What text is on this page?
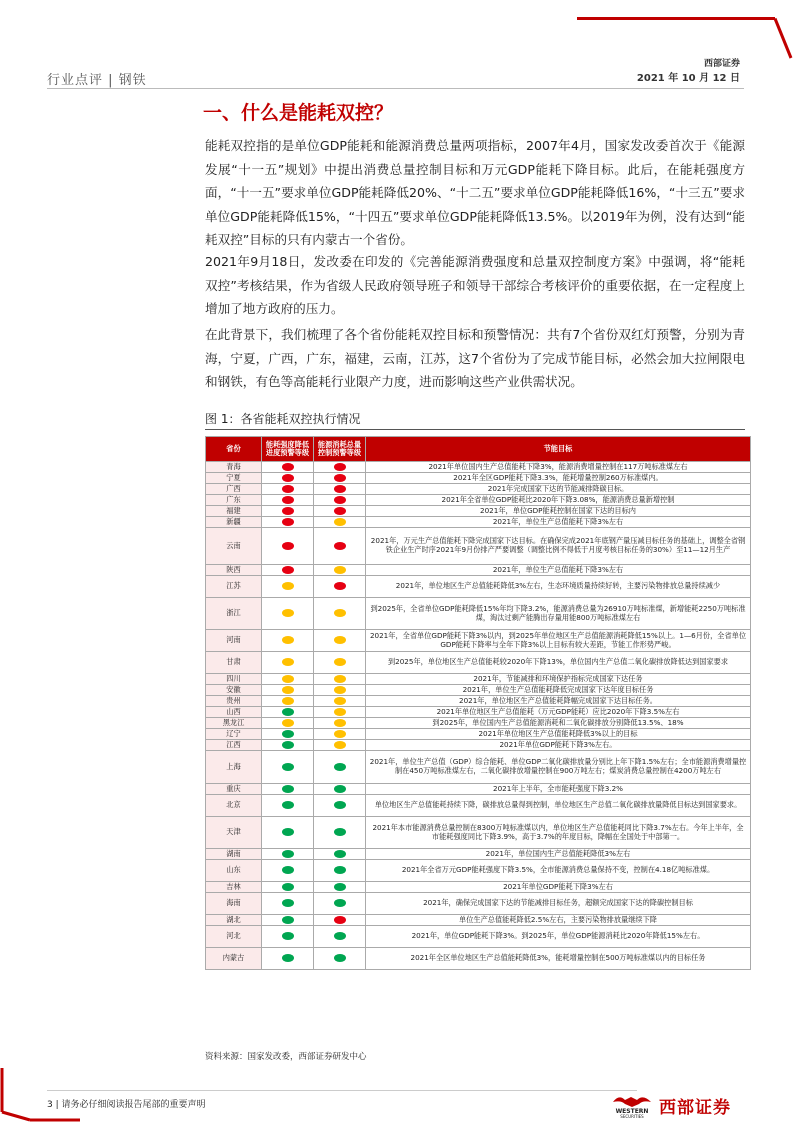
行业点评 | 钢铁
西部证券
2021 年 10 月 12 日
一、什么是能耗双控？
能耗双控指的是单位GDP能耗和能源消费总量两项指标，2007年4月，国家发改委首次于《能源发展“十一五”规划》中提出消费总量控制目标和万元GDP能耗下降目标。此后，在能耗强度方面，“十一五”要求单位GDP能耗降低20%、“十二五”要求单位GDP能耗降低16%，“十三五”要求单位GDP能耗降低15%，“十四五”要求单位GDP能耗降低13.5%。以2019年为例，没有达到“能耗双控”目标的只有内蒙古一个省份。
2021年9月18日，发改委在印发的《完善能源消费强度和总量双控制度方案》中强调，将“能耗双控”考核结果，作为省级人民政府领导班子和领导干部综合考核评价的重要依据，在一定程度上增加了地方政府的压力。
在此背景下，我们梳理了各个省份能耗双控目标和预警情况：共有7个省份双红灯预警，分别为青海，宁夏，广西，广东，福建，云南，江苏，这7个省份为了完成节能目标，必然会加大拉闸限电和钢铁，有色等高能耗行业限产力度，进而影响这些产业供需状况。
图 1：各省能耗双控执行情况
省份	能耗强度降低进度预警等级	能源消耗总量控制预警等级	节能目标
青海			2021年单位国内生产总值能耗下降3%，能源消费增量控制在117万吨标准煤左右
宁夏			2021年全区GDP能耗下降3.3%，能耗增量控制260万标准煤内。
广西			2021年完成国家下达的节能减排降碳目标。
广东			2021年全省单位GDP能耗比2020年下降3.08%，能源消费总量新增控制
福建			2021年，单位GDP能耗控制在国家下达的目标内
新疆			2021年，单位生产总值能耗下降3%左右
云南			2021年，万元生产总值能耗下降完成国家下达目标。在确保完成2021年底钢产量压减目标任务的基础上，调整全省钢铁企业生产时序2021年9月份排产严要调整（调整比例不得低于月度考核目标任务的30%）至11—12月生产
陕西			2021年，单位生产总值能耗下降3%左右
江苏			2021年，单位地区生产总值能耗降低3%左右，生态环境质量持续好转，主要污染物排放总量持续减少
浙江			到2025年，全省单位GDP能耗降低15%年均下降3.2%，能源消费总量为26910万吨标准煤，新增能耗2250万吨标准煤，淘汰过剩产能腾出存量用能800万吨标准煤左右
河南			2021年，全省单位GDP能耗下降3%以内，到2025年单位地区生产总值能源消耗降低15%以上。1—6月份，全省单位GDP能耗下降率与全年下降3%以上目标有较大差距，节能工作形势严峻。
甘肃			到2025年，单位地区生产总值能耗较2020年下降13%，单位国内生产总值二氧化碳排放降低达到国家要求
四川			2021年，节能减排和环境保护指标完成国家下达任务
安徽			2021年，单位生产总值能耗降低完成国家下达年度目标任务
贵州			2021年，单位地区生产总值能耗降幅完成国家下达目标任务。
山西			2021年单位地区生产总值能耗（万元GDP能耗）应比2020年下降3.5%左右
黑龙江			到2025年，单位国内生产总值能源消耗和二氧化碳排放分别降低13.5%、18%
辽宁			2021年单位地区生产总值能耗降低3%以上的目标
江西			2021年单位GDP能耗下降3%左右。
上海			2021年，单位生产总值（GDP）综合能耗、单位GDP二氧化碳排放量分别比上年下降1.5%左右；全市能源消费增量控制在450万吨标准煤左右，二氧化碳排放增量控制在900万吨左右；煤炭消费总量控制在4200万吨左右
重庆			2021年上半年，全市能耗强度下降3.2%
北京			单位地区生产总值能耗持续下降，碳排放总量得到控制，单位地区生产总值二氧化碳排放量降低目标达到国家要求。
天津			2021年本市能源消费总量控制在8300万吨标准煤以内，单位地区生产总值能耗同比下降3.7%左右。今年上半年，全市能耗强度同比下降3.9%，高于3.7%的年度目标，降幅在全国处于中部第一。
湖南			2021年，单位国内生产总值能耗降低3%左右
山东			2021年全省万元GDP能耗强度下降3.5%，全市能源消费总量保持不变，控制在4.18亿吨标准煤。
吉林			2021年单位GDP能耗下降3%左右
海南			2021年，确保完成国家下达的节能减排目标任务，超额完成国家下达的降碳控制目标
湖北			单位生产总值能耗降低2.5%左右，主要污染物排放量继续下降
河北			2021年，单位GDP能耗下降3%。到2025年，单位GDP能源消耗比2020年降低15%左右。
内蒙古			2021年全区单位地区生产总值能耗降低3%，能耗增量控制在500万吨标准煤以内的目标任务
资料来源：国家发改委，西部证券研发中心
3 | 请务必仔细阅读报告尾部的重要声明
WESTERN
SECURITIES 西部证券
